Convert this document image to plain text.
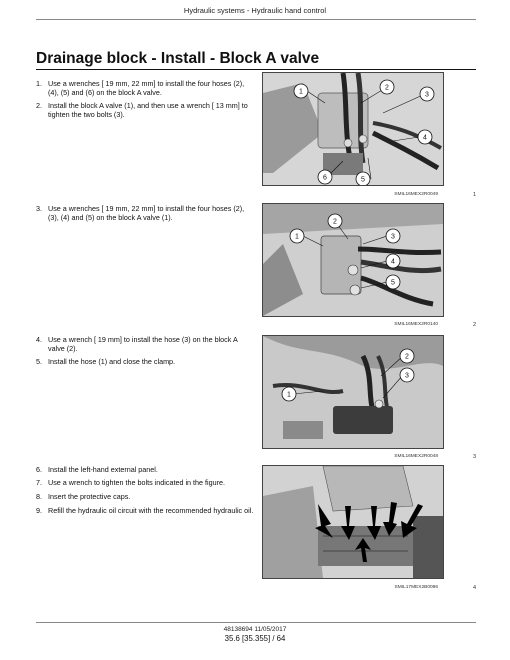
Hydraulic systems - Hydraulic hand control
Drainage block - Install - Block A valve
1. Use a wrenches [ 19 mm, 22 mm] to install the four hoses (2), (4), (5) and (6) on the block A valve.
2. Install the block A valve (1), and then use a wrench [ 13 mm] to tighten the two bolts (3).
3. Use a wrenches [ 19 mm, 22 mm] to install the four hoses (2), (3), (4) and (5) on the block A valve (1).
4. Use a wrench [ 19 mm] to install the hose (3) on the block A valve (2).
5. Install the hose (1) and close the clamp.
6. Install the left-hand external panel.
7. Use a wrench to tighten the bolts indicated in the figure.
8. Insert the protective caps.
9. Refill the hydraulic oil circuit with the recommended hydraulic oil.
1
2
3
4
5
6
SMIL16MEX2R0049	1
2
1	3
4
5
SMIL16MEX2R0140	2
2
3
1
SMIL16MEX2R0048	3
SMIL17MEX2B0096	4
48138694 11/05/2017
35.6 [35.355] / 64
